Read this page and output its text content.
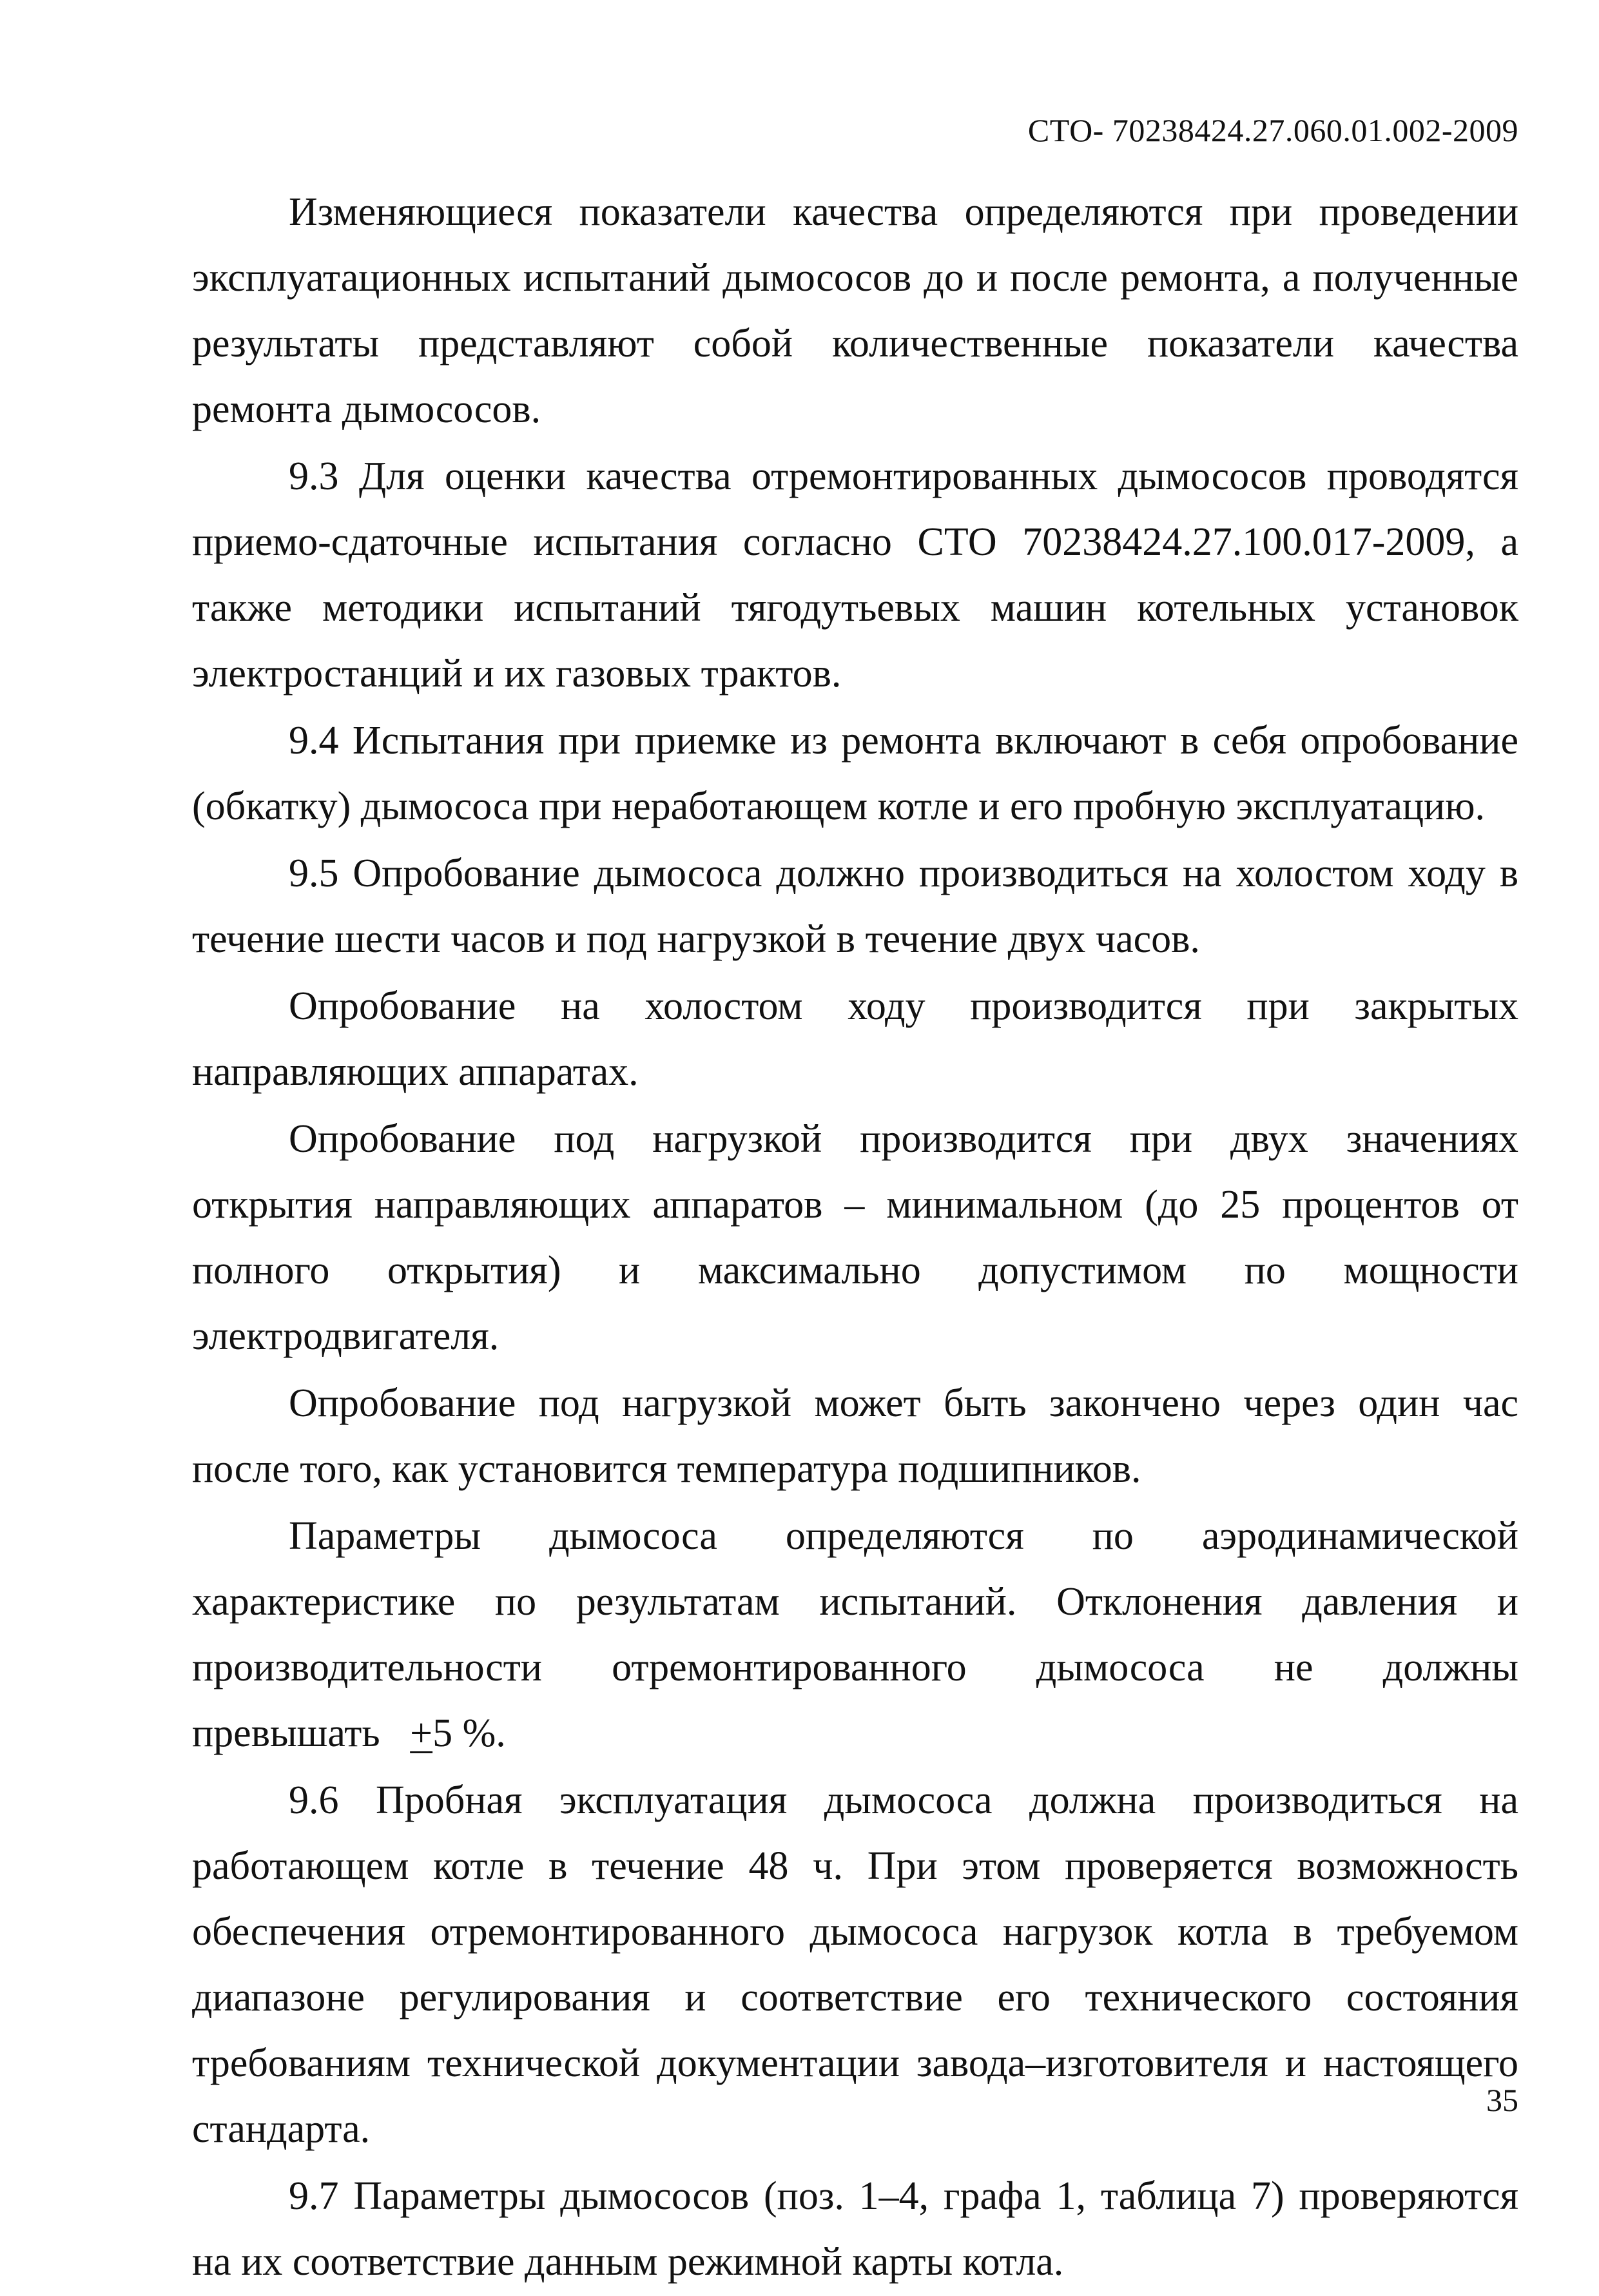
СТО- 70238424.27.060.01.002-2009

Изменяющиеся показатели качества определяются при проведении эксплуатационных испытаний дымососов до и после ремонта, а полученные результаты представляют собой количественные показатели качества ремонта дымососов.

9.3 Для оценки качества отремонтированных дымососов проводятся приемо-сдаточные испытания согласно СТО 70238424.27.100.017-2009, а также методики испытаний тягодутьевых машин котельных установок электростанций и их газовых трактов.

9.4 Испытания при приемке из ремонта включают в себя опробование (обкатку) дымососа при неработающем котле и его пробную эксплуатацию.

9.5 Опробование дымососа должно производиться на холостом ходу в течение шести часов и под нагрузкой в течение двух часов.

Опробование на холостом ходу производится при закрытых направляющих аппаратах.

Опробование под нагрузкой производится при двух значениях открытия направляющих аппаратов – минимальном (до 25 процентов от полного открытия) и максимально допустимом по мощности электродвигателя.

Опробование под нагрузкой может быть закончено через один час после того, как установится температура подшипников.

Параметры дымососа определяются по аэродинамической характеристике по результатам испытаний. Отклонения давления и производительности отремонтированного дымососа не должны превышать +5 %.

9.6 Пробная эксплуатация дымососа должна производиться на работающем котле в течение 48 ч. При этом проверяется возможность обеспечения отремонтированного дымососа нагрузок котла в требуемом диапазоне регулирования и соответствие его технического состояния требованиям технической документации завода–изготовителя и настоящего стандарта.

9.7 Параметры дымососов (поз. 1–4, графа 1, таблица 7) проверяются на их соответствие данным режимной карты котла.

35
